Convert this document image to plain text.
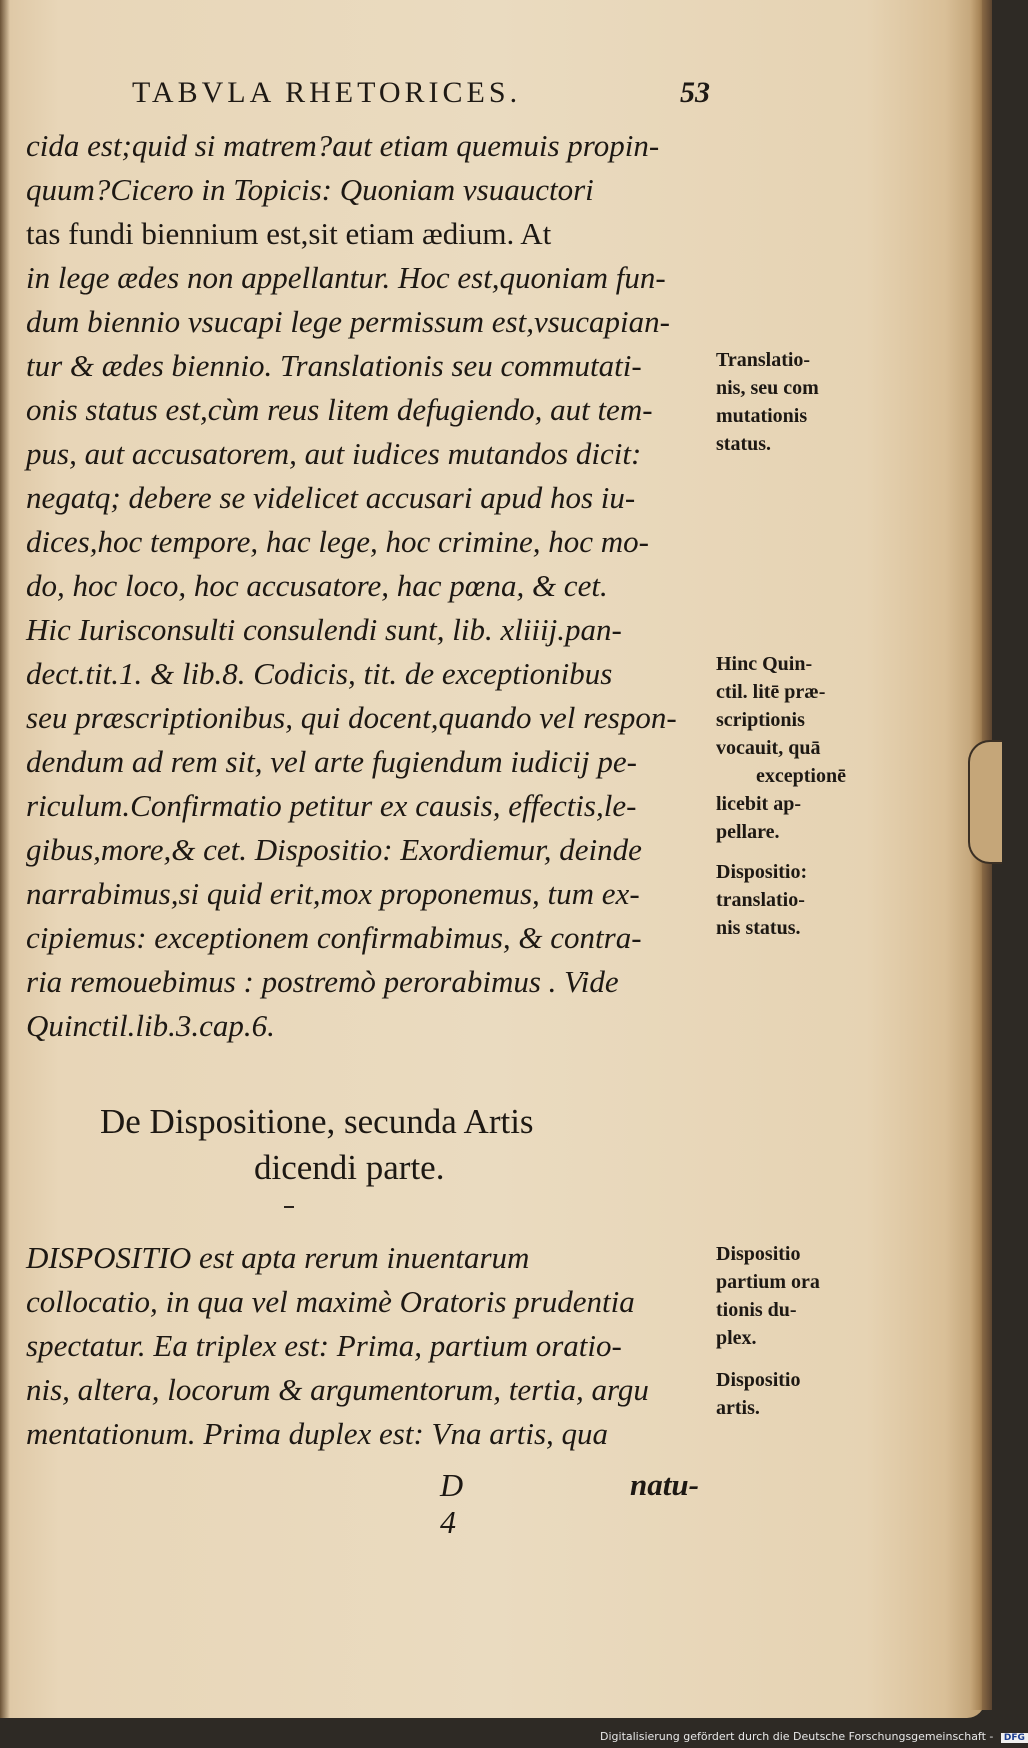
TABVLA RHETORICES.	53
cida est;quid si matrem?aut etiam quemuis propin-
quum?Cicero in Topicis: Quoniam vsuauctori
tas fundi biennium est,sit etiam ædium. At
in lege ædes non appellantur. Hoc est,quoniam fun-
dum biennio vsucapi lege permissum est,vsucapian-
tur & ædes biennio. Translationis seu commutati-
onis status est,cùm reus litem defugiendo, aut tem-
pus, aut accusatorem, aut iudices mutandos dicit:
negatq; debere se videlicet accusari apud hos iu-
dices,hoc tempore, hac lege, hoc crimine, hoc mo-
do, hoc loco, hoc accusatore, hac pœna, & cet.
Hic Iurisconsulti consulendi sunt, lib. xliiij.pan-
dect.tit.1. & lib.8. Codicis, tit. de exceptionibus
seu præscriptionibus, qui docent,quando vel respon-
dendum ad rem sit, vel arte fugiendum iudicij pe-
riculum.Confirmatio petitur ex causis, effectis,le-
gibus,more,& cet. Dispositio: Exordiemur, deinde
narrabimus,si quid erit,mox proponemus, tum ex-
cipiemus: exceptionem confirmabimus, & contra-
ria remouebimus : postremò perorabimus . Vide
Quinctil.lib.3.cap.6.
De Dispositione, secunda Artis
dicendi parte.
DISPOSITIO est apta rerum inuentarum
collocatio, in qua vel maximè Oratoris prudentia
spectatur. Ea triplex est: Prima, partium oratio-
nis, altera, locorum & argumentorum, tertia, argu
mentationum. Prima duplex est: Vna artis, qua
Translatio-
nis, seu com
mutationis
status.
Hinc Quin-
ctil. litē præ-
scriptionis
vocauit, quā
exceptionē
licebit ap-
pellare.
Dispositio:
translatio-
nis status.
Dispositio
partium ora
tionis du-
plex.
Dispositio
artis.
D 4
natu-
Digitalisierung gefördert durch die Deutsche Forschungsgemeinschaft - DFG
